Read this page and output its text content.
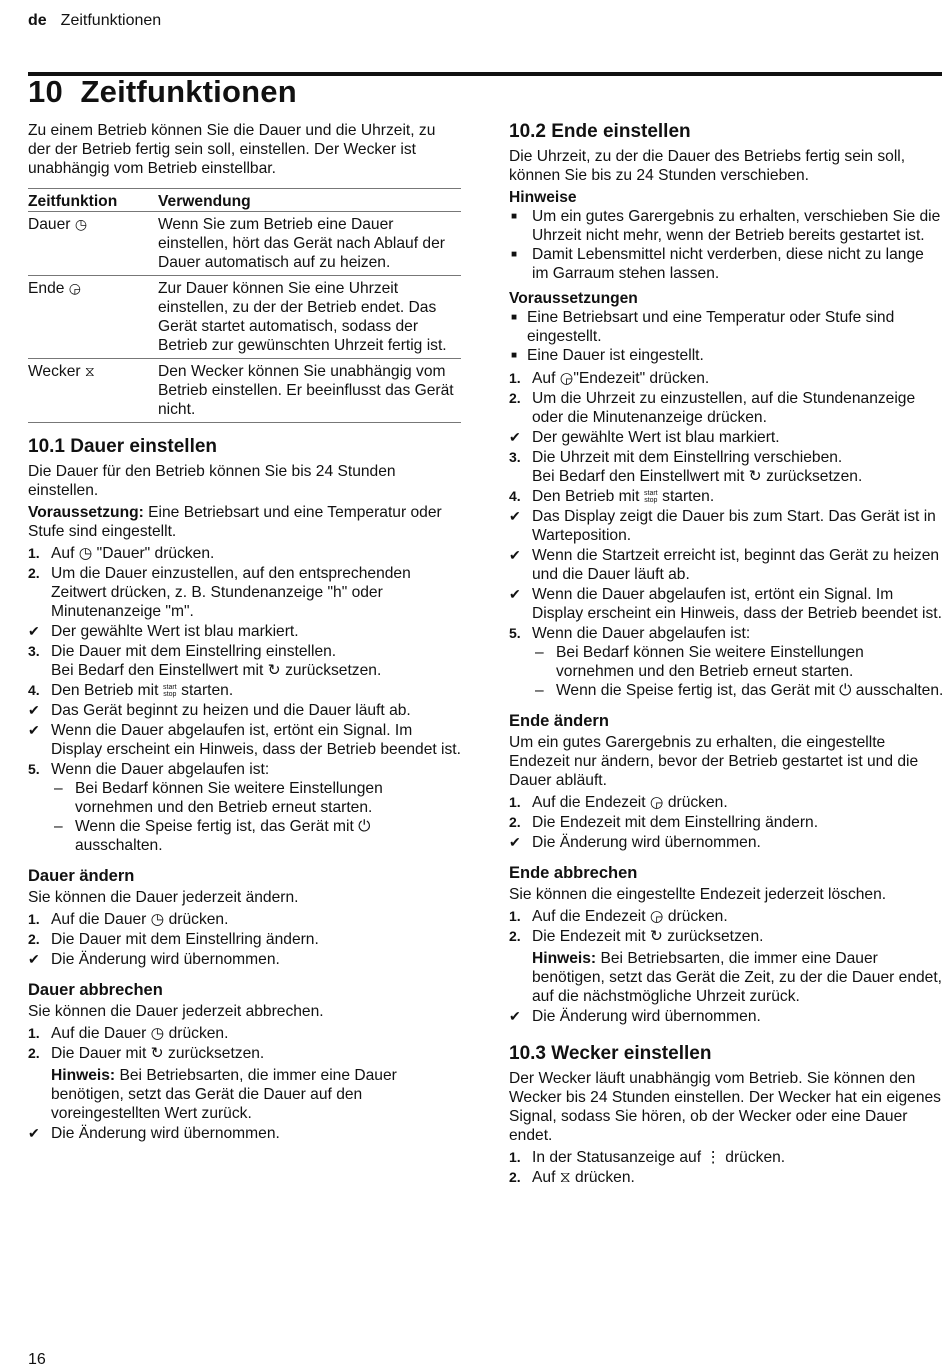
de Zeitfunktionen
10  Zeitfunktionen

Zu einem Betrieb können Sie die Dauer und die Uhrzeit, zu der der Betrieb fertig sein soll, einstellen. Der Wecker ist unabhängig vom Betrieb einstellbar.

Zeitfunktion	Verwendung
Dauer ◷	Wenn Sie zum Betrieb eine Dauer einstellen, hört das Gerät nach Ablauf der Dauer automatisch auf zu heizen.
Ende ◶	Zur Dauer können Sie eine Uhrzeit einstellen, zu der der Betrieb endet. Das Gerät startet automatisch, sodass der Betrieb zur gewünschten Uhrzeit fertig ist.
Wecker ⧖	Den Wecker können Sie unabhängig vom Betrieb einstellen. Er beeinflusst das Gerät nicht.
10.1 Dauer einstellen

Die Dauer für den Betrieb können Sie bis 24 Stunden einstellen.

Voraussetzung: Eine Betriebsart und eine Temperatur oder Stufe sind eingestellt.

1. Auf ◷ "Dauer" drücken.
2. Um die Dauer einzustellen, auf den entsprechenden Zeitwert drücken, z. B. Stundenanzeige "h" oder Minutenanzeige "m".
✔ Der gewählte Wert ist blau markiert.
3. Die Dauer mit dem Einstellring einstellen.
Bei Bedarf den Einstellwert mit ↻ zurücksetzen.
4. Den Betrieb mit start
stop starten.
✔ Das Gerät beginnt zu heizen und die Dauer läuft ab.
✔ Wenn die Dauer abgelaufen ist, ertönt ein Signal. Im Display erscheint ein Hinweis, dass der Betrieb beendet ist.
5. Wenn die Dauer abgelaufen ist:
– Bei Bedarf können Sie weitere Einstellungen vornehmen und den Betrieb erneut starten.
– Wenn die Speise fertig ist, das Gerät mit ⏻ ausschalten.
Dauer ändern

Sie können die Dauer jederzeit ändern.

1. Auf die Dauer ◷ drücken.
2. Die Dauer mit dem Einstellring ändern.
✔ Die Änderung wird übernommen.
Dauer abbrechen

Sie können die Dauer jederzeit abbrechen.

1. Auf die Dauer ◷ drücken.
2. Die Dauer mit ↻ zurücksetzen.
Hinweis: Bei Betriebsarten, die immer eine Dauer benötigen, setzt das Gerät die Dauer auf den voreingestellten Wert zurück.
✔ Die Änderung wird übernommen.
10.2 Ende einstellen

Die Uhrzeit, zu der die Dauer des Betriebs fertig sein soll, können Sie bis zu 24 Stunden verschieben.

Hinweise

■ Um ein gutes Garergebnis zu erhalten, verschieben Sie die Uhrzeit nicht mehr, wenn der Betrieb bereits gestartet ist.
■ Damit Lebensmittel nicht verderben, diese nicht zu lange im Garraum stehen lassen.

Voraussetzungen

■ Eine Betriebsart und eine Temperatur oder Stufe sind eingestellt.
■ Eine Dauer ist eingestellt.
1. Auf ◶"Endezeit" drücken.
2. Um die Uhrzeit zu einzustellen, auf die Stundenanzeige oder die Minutenanzeige drücken.
✔ Der gewählte Wert ist blau markiert.
3. Die Uhrzeit mit dem Einstellring verschieben.
Bei Bedarf den Einstellwert mit ↻ zurücksetzen.
4. Den Betrieb mit start
stop starten.
✔ Das Display zeigt die Dauer bis zum Start. Das Gerät ist in Warteposition.
✔ Wenn die Startzeit erreicht ist, beginnt das Gerät zu heizen und die Dauer läuft ab.
✔ Wenn die Dauer abgelaufen ist, ertönt ein Signal. Im Display erscheint ein Hinweis, dass der Betrieb beendet ist.
5. Wenn die Dauer abgelaufen ist:
– Bei Bedarf können Sie weitere Einstellungen vornehmen und den Betrieb erneut starten.
– Wenn die Speise fertig ist, das Gerät mit ⏻ ausschalten.
Ende ändern

Um ein gutes Garergebnis zu erhalten, die eingestellte Endezeit nur ändern, bevor der Betrieb gestartet ist und die Dauer abläuft.

1. Auf die Endezeit ◶ drücken.
2. Die Endezeit mit dem Einstellring ändern.
✔ Die Änderung wird übernommen.
Ende abbrechen

Sie können die eingestellte Endezeit jederzeit löschen.

1. Auf die Endezeit ◶ drücken.
2. Die Endezeit mit ↻ zurücksetzen.
Hinweis: Bei Betriebsarten, die immer eine Dauer benötigen, setzt das Gerät die Zeit, zu der die Dauer endet, auf die nächstmögliche Uhrzeit zurück.
✔ Die Änderung wird übernommen.
10.3 Wecker einstellen

Der Wecker läuft unabhängig vom Betrieb. Sie können den Wecker bis 24 Stunden einstellen. Der Wecker hat ein eigenes Signal, sodass Sie hören, ob der Wecker oder eine Dauer endet.

1. In der Statusanzeige auf ⋮ drücken.
2. Auf ⧖ drücken.
16
